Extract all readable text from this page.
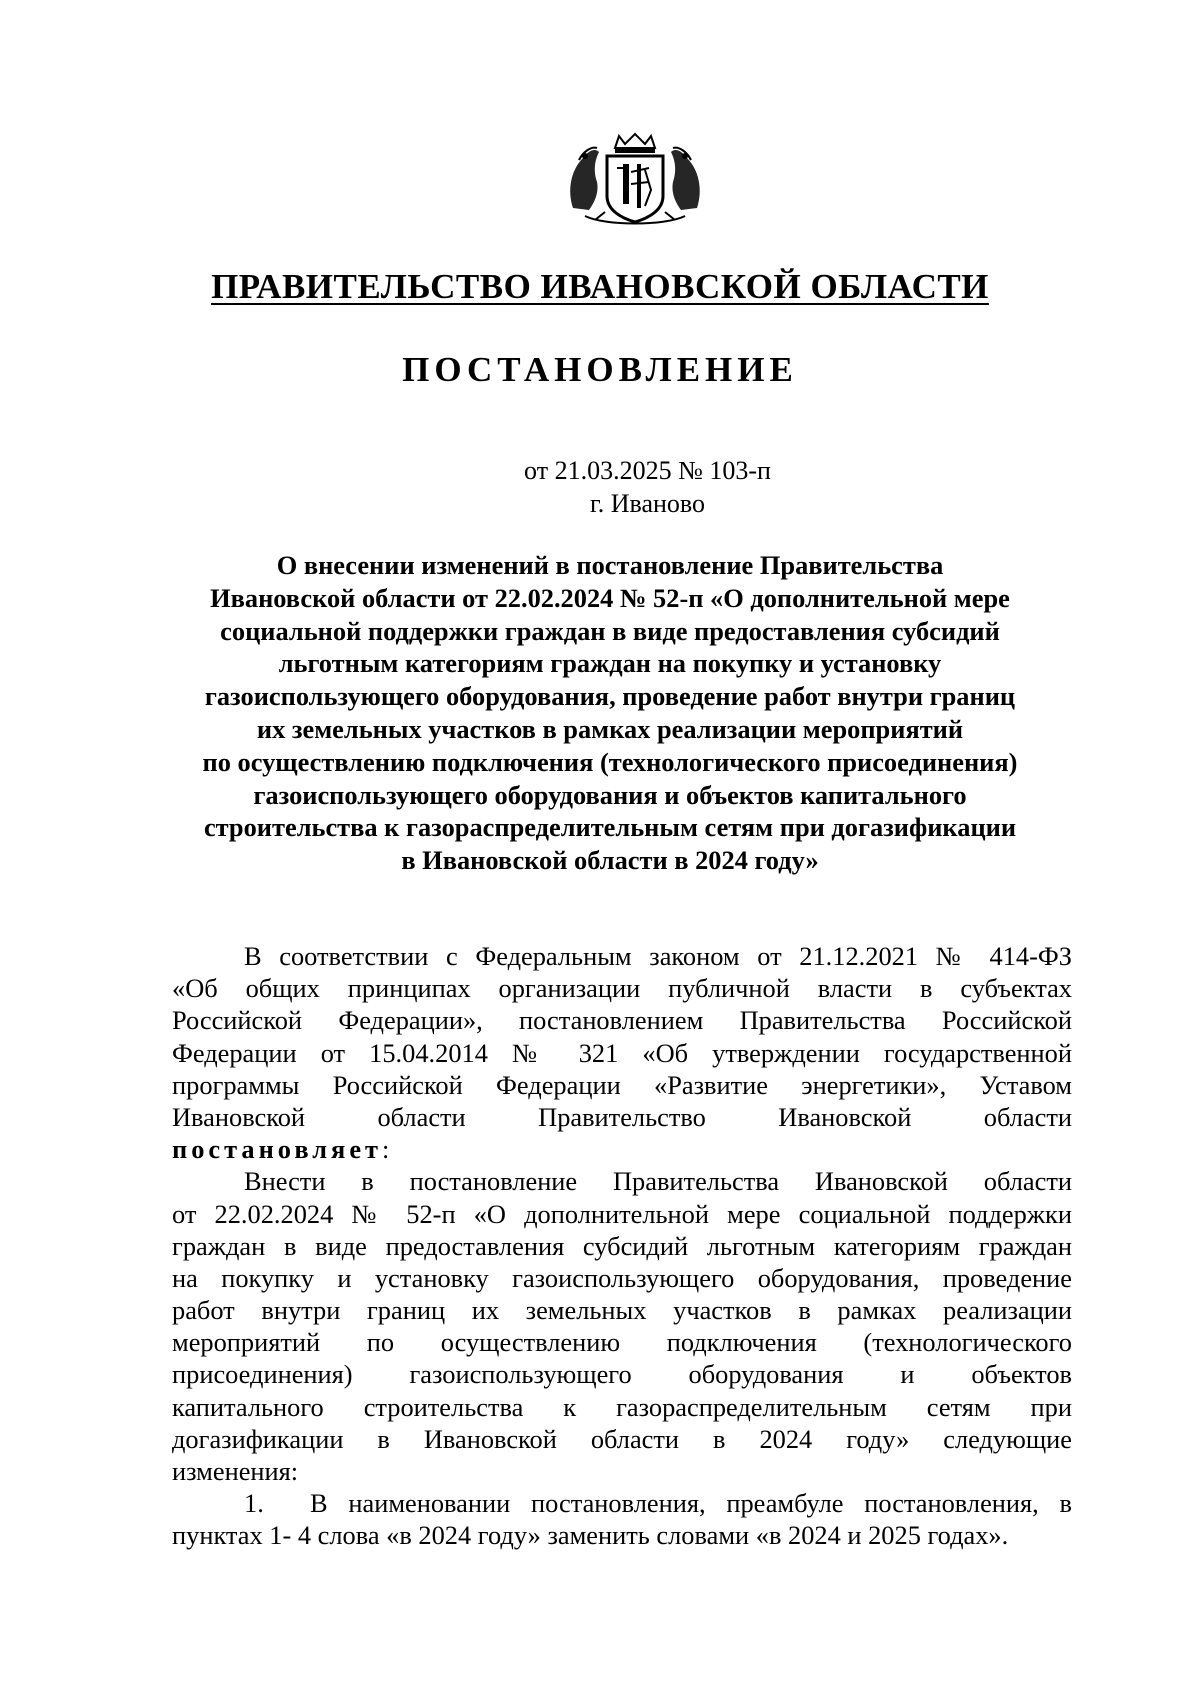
ПРАВИТЕЛЬСТВО ИВАНОВСКОЙ ОБЛАСТИ
ПОСТАНОВЛЕНИЕ
от 21.03.2025 № 103-п
г. Иваново
О внесении изменений в постановление Правительства
Ивановской области от 22.02.2024 № 52-п «О дополнительной мере
социальной поддержки граждан в виде предоставления субсидий
льготным категориям граждан на покупку и установку
газоиспользующего оборудования, проведение работ внутри границ
их земельных участков в рамках реализации мероприятий
по осуществлению подключения (технологического присоединения)
газоиспользующего оборудования и объектов капитального
строительства к газораспределительным сетям при догазификации
в Ивановской области в 2024 году»
В соответствии с Федеральным законом от 21.12.2021 № 414-ФЗ
«Об общих принципах организации публичной власти в субъектах
Российской Федерации», постановлением Правительства Российской
Федерации от 15.04.2014 № 321 «Об утверждении государственной
программы Российской Федерации «Развитие энергетики», Уставом
Ивановской области Правительство Ивановской области
постановляет:
Внести в постановление Правительства Ивановской области
от 22.02.2024 № 52-п «О дополнительной мере социальной поддержки
граждан в виде предоставления субсидий льготным категориям граждан
на покупку и установку газоиспользующего оборудования, проведение
работ внутри границ их земельных участков в рамках реализации
мероприятий по осуществлению подключения (технологического
присоединения) газоиспользующего оборудования и объектов
капитального строительства к газораспределительным сетям при
догазификации в Ивановской области в 2024 году» следующие
изменения:
1. В наименовании постановления, преамбуле постановления, в
пунктах 1- 4 слова «в 2024 году» заменить словами «в 2024 и 2025 годах».
